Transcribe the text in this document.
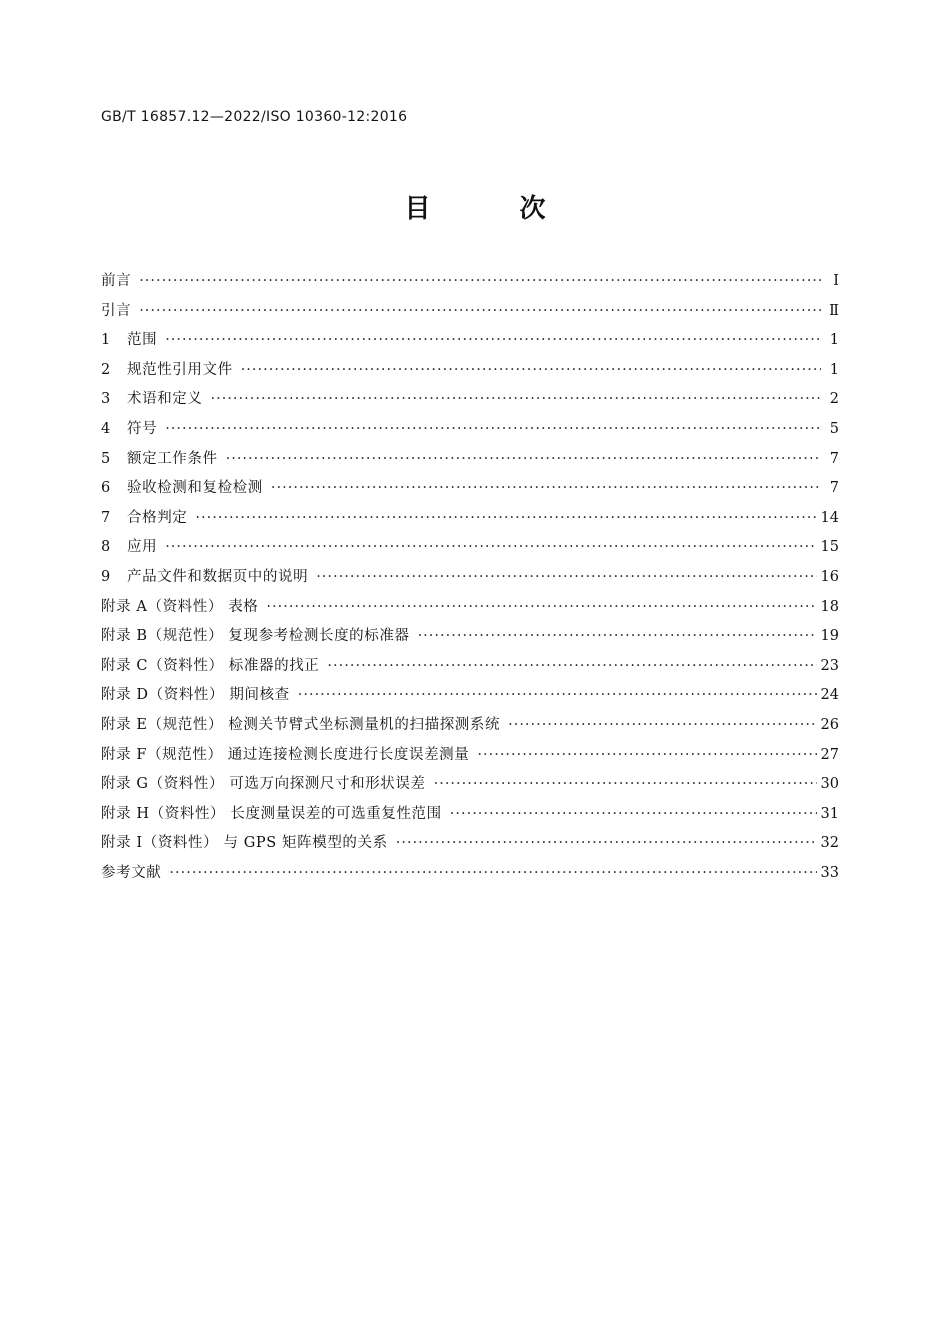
GB/T 16857.12—2022/ISO 10360-12:2016
目 次
前言 ·····	Ⅰ
引言 ·····	Ⅱ
1	范围 ·····	1
2	规范性引用文件 ·····	1
3	术语和定义 ·····	2
4	符号 ·····	5
5	额定工作条件 ·····	7
6	验收检测和复检检测 ·····	7
7	合格判定 ·····	14
8	应用 ·····	15
9	产品文件和数据页中的说明 ·····	16
附录 A（资料性） 表格 ·····	18
附录 B（规范性） 复现参考检测长度的标准器 ·····	19
附录 C（资料性） 标准器的找正 ·····	23
附录 D（资料性） 期间核查 ·····	24
附录 E（规范性） 检测关节臂式坐标测量机的扫描探测系统 ·····	26
附录 F（规范性） 通过连接检测长度进行长度误差测量 ·····	27
附录 G（资料性） 可选万向探测尺寸和形状误差 ·····	30
附录 H（资料性） 长度测量误差的可选重复性范围 ·····	31
附录 I（资料性） 与 GPS 矩阵模型的关系 ·····	32
参考文献 ·····	33
